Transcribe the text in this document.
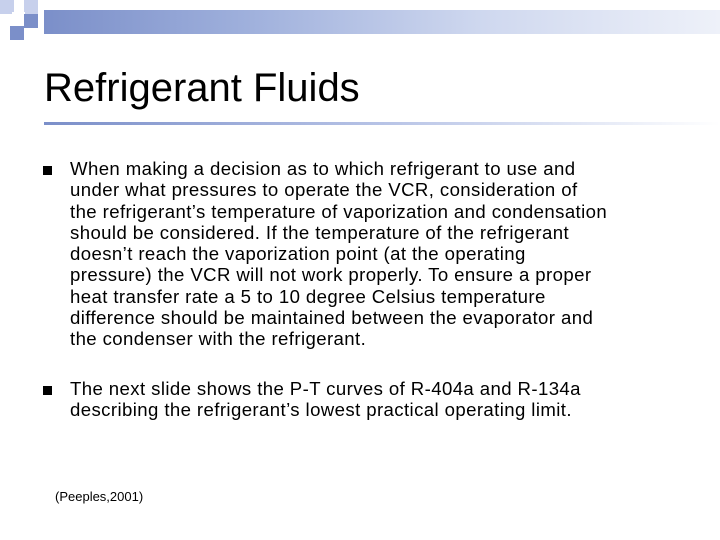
Refrigerant Fluids
When making a decision as to which refrigerant to use and
under what pressures to operate the VCR, consideration of
the refrigerant’s temperature of vaporization and condensation
should be considered. If the temperature of the refrigerant
doesn’t reach the vaporization point (at the operating
pressure) the VCR will not work properly. To ensure a proper
heat transfer rate a 5 to 10 degree Celsius temperature
difference should be maintained between the evaporator and
the condenser with the refrigerant.
The next slide shows the P-T curves of R-404a and R-134a
describing the refrigerant’s lowest practical operating limit.
(Peeples,2001)
